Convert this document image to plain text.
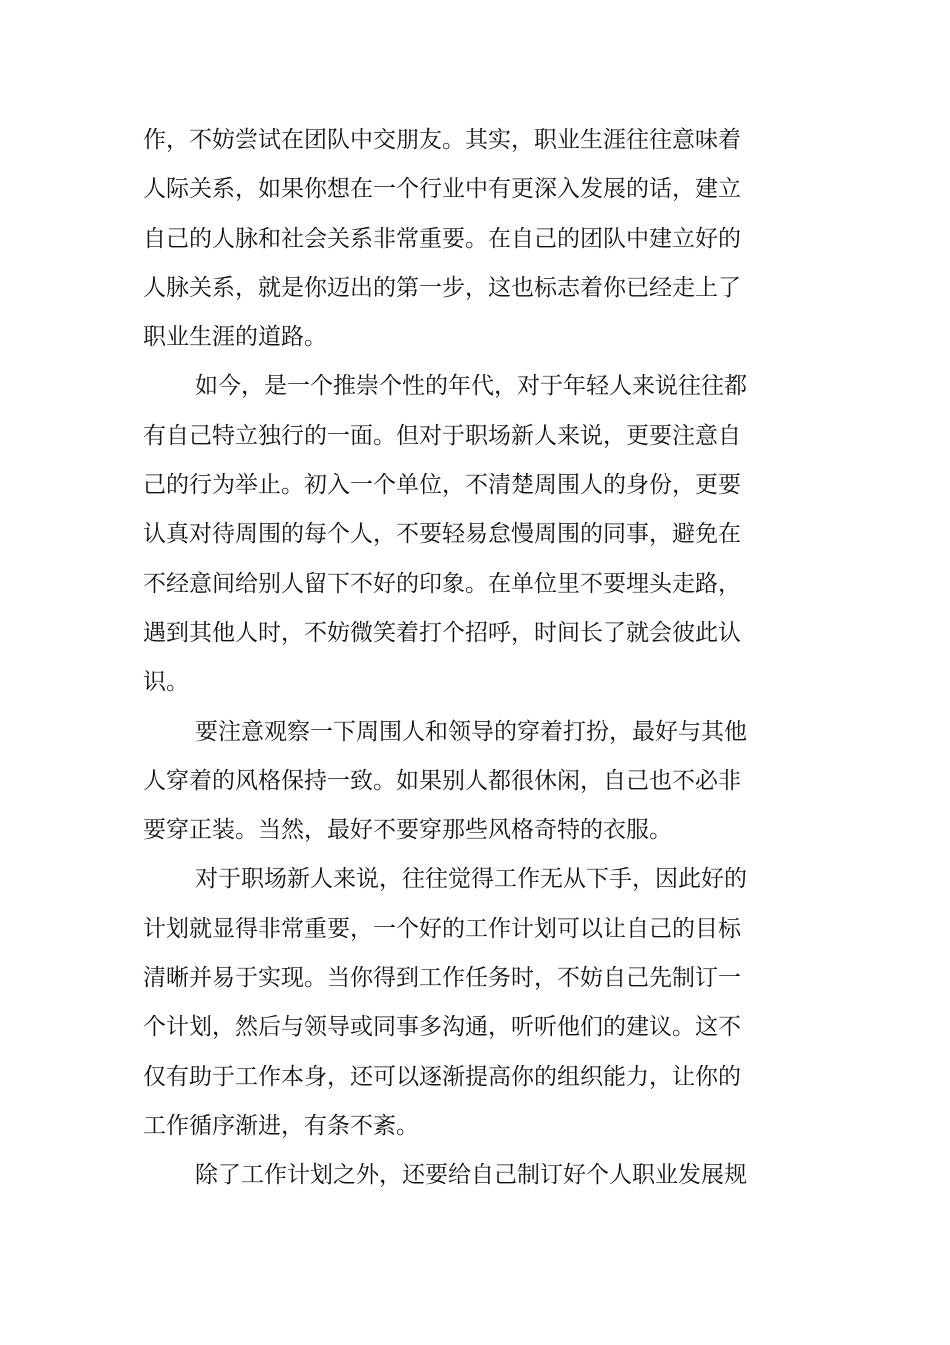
作，不妨尝试在团队中交朋友。其实，职业生涯往往意味着
人际关系，如果你想在一个行业中有更深入发展的话，建立
自己的人脉和社会关系非常重要。在自己的团队中建立好的
人脉关系，就是你迈出的第一步，这也标志着你已经走上了
职业生涯的道路。
如今，是一个推崇个性的年代，对于年轻人来说往往都
有自己特立独行的一面。但对于职场新人来说，更要注意自
己的行为举止。初入一个单位，不清楚周围人的身份，更要
认真对待周围的每个人，不要轻易怠慢周围的同事，避免在
不经意间给别人留下不好的印象。在单位里不要埋头走路，
遇到其他人时，不妨微笑着打个招呼，时间长了就会彼此认
识。
要注意观察一下周围人和领导的穿着打扮，最好与其他
人穿着的风格保持一致。如果别人都很休闲，自己也不必非
要穿正装。当然，最好不要穿那些风格奇特的衣服。
对于职场新人来说，往往觉得工作无从下手，因此好的
计划就显得非常重要，一个好的工作计划可以让自己的目标
清晰并易于实现。当你得到工作任务时，不妨自己先制订一
个计划，然后与领导或同事多沟通，听听他们的建议。这不
仅有助于工作本身，还可以逐渐提高你的组织能力，让你的
工作循序渐进，有条不紊。
除了工作计划之外，还要给自己制订好个人职业发展规
